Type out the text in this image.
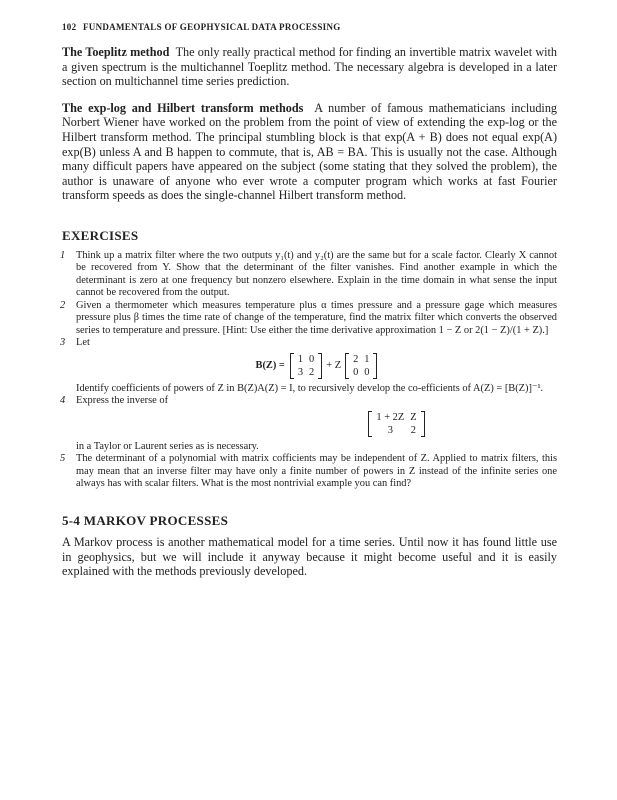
102 FUNDAMENTALS OF GEOPHYSICAL DATA PROCESSING

The Toeplitz method The only really practical method for finding an invertible matrix wavelet with a given spectrum is the multichannel Toeplitz method. The necessary algebra is developed in a later section on multichannel time series prediction.

The exp-log and Hilbert transform methods A number of famous mathematicians including Norbert Wiener have worked on the problem from the point of view of extending the exp-log or the Hilbert transform method. The principal stumbling block is that exp(A + B) does not equal exp(A) exp(B) unless A and B happen to commute, that is, AB = BA. This is usually not the case. Although many difficult papers have appeared on the subject (some stating that they solved the problem), the author is unaware of anyone who ever wrote a computer program which works at fast Fourier transform speeds as does the single-channel Hilbert transform method.

EXERCISES
1 Think up a matrix filter where the two outputs y₁(t) and y₂(t) are the same but for a scale factor. Clearly X cannot be recovered from Y. Show that the determinant of the filter vanishes. Find another example in which the determinant is zero at one frequency but nonzero elsewhere. Explain in the time domain in what sense the input cannot be recovered from the output.

2 Given a thermometer which measures temperature plus α times pressure and a pressure gage which measures pressure plus β times the time rate of change of the temperature, find the matrix filter which converts the observed series to temperature and pressure. [Hint: Use either the time derivative approximation 1 − Z or 2(1 − Z)/(1 + Z).]

3 Let

B(Z) =
1	0
3	2
+ Z
2	1
0	0

Identify coefficients of powers of Z in B(Z)A(Z) = I, to recursively develop the co-efficients of A(Z) = [B(Z)]⁻¹.

4 Express the inverse of

1 + 2Z	Z
3	2

in a Taylor or Laurent series as is necessary.

5 The determinant of a polynomial with matrix cofficients may be independent of Z. Applied to matrix filters, this may mean that an inverse filter may have only a finite number of powers in Z instead of the infinite series one always has with scalar filters. What is the most nontrivial example you can find?

5-4 MARKOV PROCESSES

A Markov process is another mathematical model for a time series. Until now it has found little use in geophysics, but we will include it anyway because it might become useful and it is easily explained with the methods previously developed.
